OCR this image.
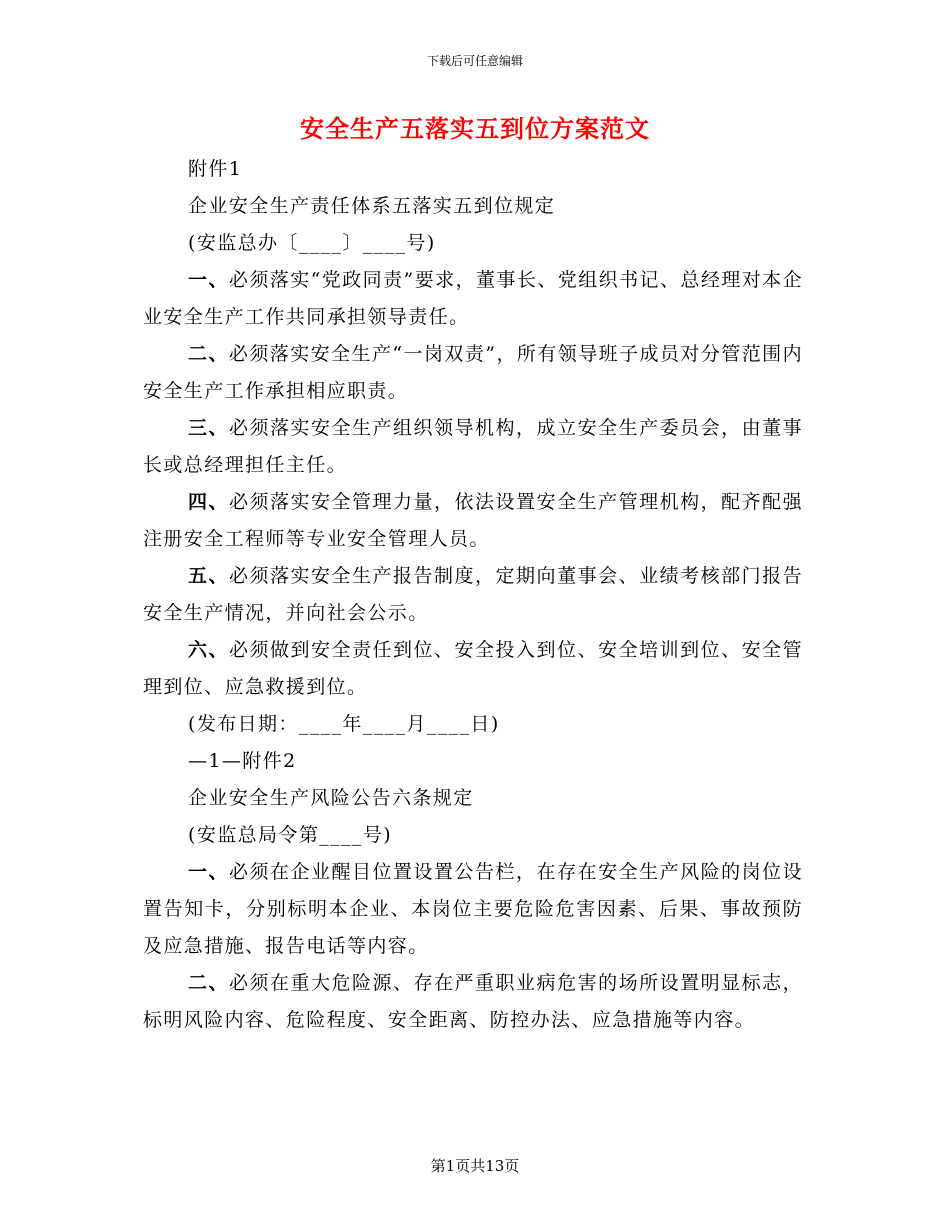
下载后可任意编辑
安全生产五落实五到位方案范文

附件1

企业安全生产责任体系五落实五到位规定

(安监总办〔____〕____号)

一、必须落实“党政同责”要求，董事长、党组织书记、总经理对本企业安全生产工作共同承担领导责任。

二、必须落实安全生产“一岗双责”，所有领导班子成员对分管范围内安全生产工作承担相应职责。

三、必须落实安全生产组织领导机构，成立安全生产委员会，由董事长或总经理担任主任。

四、必须落实安全管理力量，依法设置安全生产管理机构，配齐配强注册安全工程师等专业安全管理人员。

五、必须落实安全生产报告制度，定期向董事会、业绩考核部门报告安全生产情况，并向社会公示。

六、必须做到安全责任到位、安全投入到位、安全培训到位、安全管理到位、应急救援到位。

(发布日期：____年____月____日)

—1—附件2

企业安全生产风险公告六条规定

(安监总局令第____号)

一、必须在企业醒目位置设置公告栏，在存在安全生产风险的岗位设置告知卡，分别标明本企业、本岗位主要危险危害因素、后果、事故预防及应急措施、报告电话等内容。

二、必须在重大危险源、存在严重职业病危害的场所设置明显标志，标明风险内容、危险程度、安全距离、防控办法、应急措施等内容。

第1页共13页
